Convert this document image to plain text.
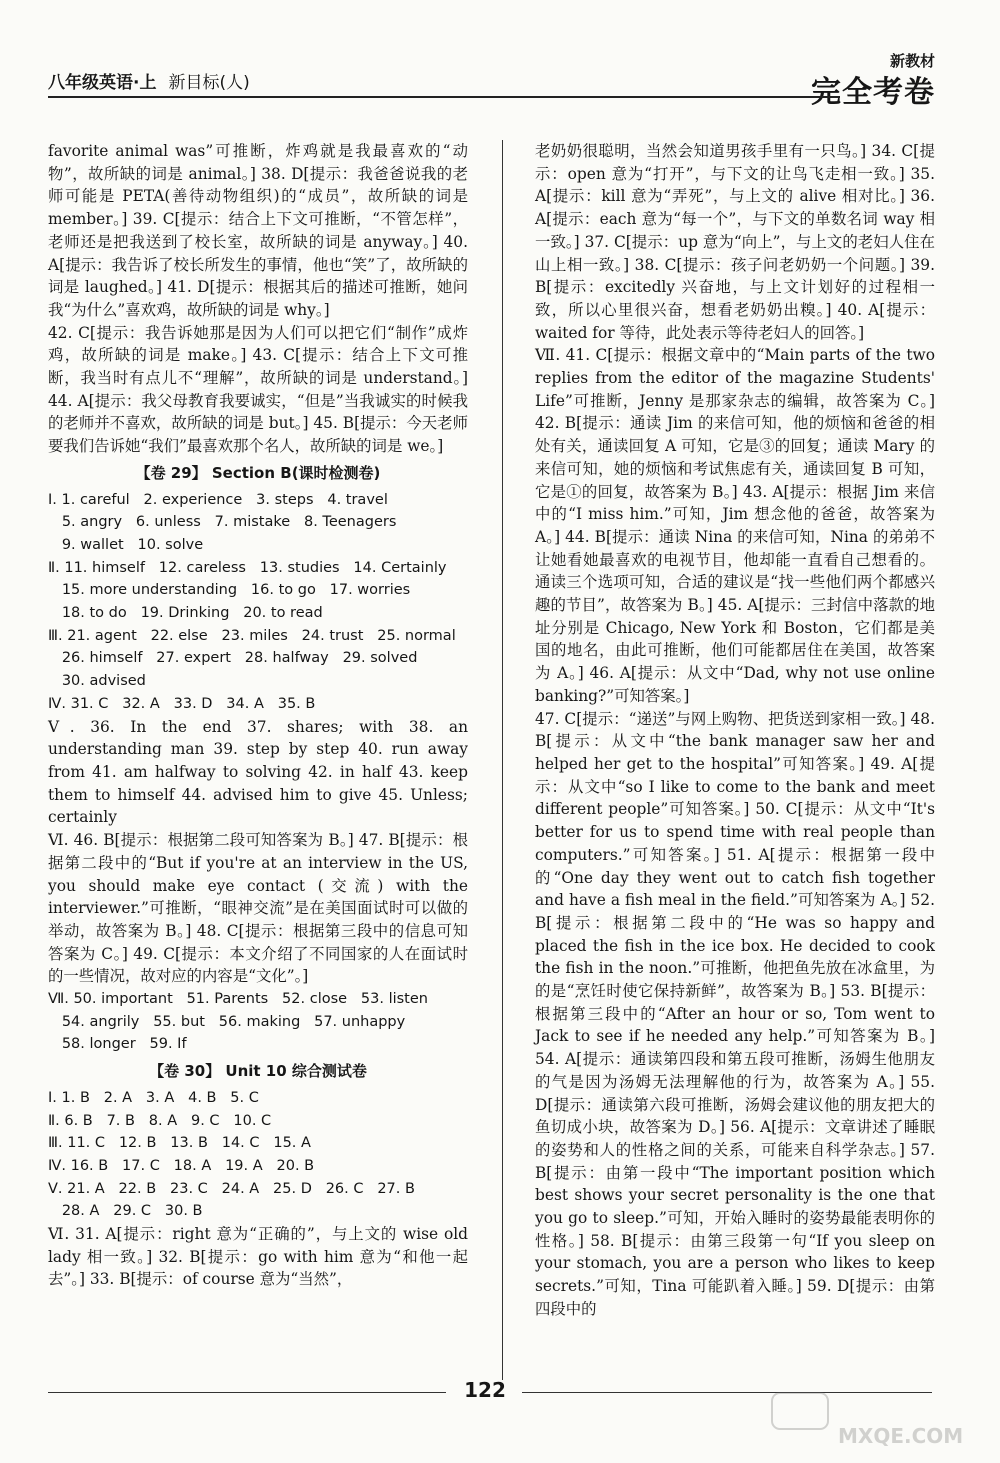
八年级英语·上 新目标(人)
新教材
完全考卷

favorite animal was”可推断，炸鸡就是我最喜欢的“动物”，故所缺的词是 animal。] 38. D[提示：我爸爸说我的老师可能是 PETA(善待动物组织)的“成员”，故所缺的词是 member。] 39. C[提示：结合上下文可推断，“不管怎样”，老师还是把我送到了校长室，故所缺的词是 anyway。] 40. A[提示：我告诉了校长所发生的事情，他也“笑”了，故所缺的词是 laughed。] 41. D[提示：根据其后的描述可推断，她问我“为什么”喜欢鸡，故所缺的词是 why。]

42. C[提示：我告诉她那是因为人们可以把它们“制作”成炸鸡，故所缺的词是 make。] 43. C[提示：结合上下文可推断，我当时有点儿不“理解”，故所缺的词是 understand。] 44. A[提示：我父母教育我要诚实，“但是”当我诚实的时候我的老师并不喜欢，故所缺的词是 but。] 45. B[提示：今天老师要我们告诉她“我们”最喜欢那个名人，故所缺的词是 we。]

【卷 29】 Section B(课时检测卷)

Ⅰ. 1. careful   2. experience   3. steps   4. travel
5. angry   6. unless   7. mistake   8. Teenagers
9. wallet   10. solve

Ⅱ. 11. himself   12. careless   13. studies   14. Certainly
15. more understanding   16. to go   17. worries
18. to do   19. Drinking   20. to read

Ⅲ. 21. agent   22. else   23. miles   24. trust   25. normal
26. himself   27. expert   28. halfway   29. solved
30. advised

Ⅳ. 31. C   32. A   33. D   34. A   35. B

Ⅴ. 36. In the end 37. shares; with 38. an understanding man 39. step by step 40. run away from 41. am halfway to solving 42. in half 43. keep them to himself 44. advised him to give 45. Unless; certainly

Ⅵ. 46. B[提示：根据第二段可知答案为 B。] 47. B[提示：根据第二段中的“But if you're at an interview in the US, you should make eye contact (交流) with the interviewer.”可推断，“眼神交流”是在美国面试时可以做的举动，故答案为 B。] 48. C[提示：根据第三段中的信息可知答案为 C。] 49. C[提示：本文介绍了不同国家的人在面试时的一些情况，故对应的内容是“文化”。]

Ⅶ. 50. important   51. Parents   52. close   53. listen
54. angrily   55. but   56. making   57. unhappy
58. longer   59. If

【卷 30】 Unit 10 综合测试卷

Ⅰ. 1. B   2. A   3. A   4. B   5. C
Ⅱ. 6. B   7. B   8. A   9. C   10. C
Ⅲ. 11. C   12. B   13. B   14. C   15. A
Ⅳ. 16. B   17. C   18. A   19. A   20. B
Ⅴ. 21. A   22. B   23. C   24. A   25. D   26. C   27. B
28. A   29. C   30. B

Ⅵ. 31. A[提示：right 意为“正确的”，与上文的 wise old lady 相一致。] 32. B[提示：go with him 意为“和他一起去”。] 33. B[提示：of course 意为“当然”，

老奶奶很聪明，当然会知道男孩手里有一只鸟。] 34. C[提示：open 意为“打开”，与下文的让鸟飞走相一致。] 35. A[提示：kill 意为“弄死”，与上文的 alive 相对比。] 36. A[提示：each 意为“每一个”，与下文的单数名词 way 相一致。] 37. C[提示：up 意为“向上”，与上文的老妇人住在山上相一致。] 38. C[提示：孩子问老奶奶一个问题。] 39. B[提示：excitedly 兴奋地，与上文计划好的过程相一致，所以心里很兴奋，想看老奶奶出糗。] 40. A[提示：waited for 等待，此处表示等待老妇人的回答。]

Ⅶ. 41. C[提示：根据文章中的“Main parts of the two replies from the editor of the magazine Students' Life”可推断，Jenny 是那家杂志的编辑，故答案为 C。] 42. B[提示：通读 Jim 的来信可知，他的烦恼和爸爸的相处有关，通读回复 A 可知，它是③的回复；通读 Mary 的来信可知，她的烦恼和考试焦虑有关，通读回复 B 可知，它是①的回复，故答案为 B。] 43. A[提示：根据 Jim 来信中的“I miss him.”可知，Jim 想念他的爸爸，故答案为 A。] 44. B[提示：通读 Nina 的来信可知，Nina 的弟弟不让她看她最喜欢的电视节目，他却能一直看自己想看的。通读三个选项可知，合适的建议是“找一些他们两个都感兴趣的节目”，故答案为 B。] 45. A[提示：三封信中落款的地址分别是 Chicago, New York 和 Boston，它们都是美国的地名，由此可推断，他们可能都居住在美国，故答案为 A。] 46. A[提示：从文中“Dad, why not use online banking?”可知答案。]

47. C[提示：“递送”与网上购物、把货送到家相一致。] 48. B[提示：从文中“the bank manager saw her and helped her get to the hospital”可知答案。] 49. A[提示：从文中“so I like to come to the bank and meet different people”可知答案。] 50. C[提示：从文中“It's better for us to spend time with real people than computers.”可知答案。] 51. A[提示：根据第一段中的“One day they went out to catch fish together and have a fish meal in the field.”可知答案为 A。] 52. B[提示：根据第二段中的“He was so happy and placed the fish in the ice box. He decided to cook the fish in the noon.”可推断，他把鱼先放在冰盒里，为的是“烹饪时使它保持新鲜”，故答案为 B。] 53. B[提示：根据第三段中的“After an hour or so, Tom went to Jack to see if he needed any help.”可知答案为 B。] 54. A[提示：通读第四段和第五段可推断，汤姆生他朋友的气是因为汤姆无法理解他的行为，故答案为 A。] 55. D[提示：通读第六段可推断，汤姆会建议他的朋友把大的鱼切成小块，故答案为 D。] 56. A[提示：文章讲述了睡眠的姿势和人的性格之间的关系，可能来自科学杂志。] 57. B[提示：由第一段中“The important position which best shows your secret personality is the one that you go to sleep.”可知，开始入睡时的姿势最能表明你的性格。] 58. B[提示：由第三段第一句“If you sleep on your stomach, you are a person who likes to keep secrets.”可知，Tina 可能趴着入睡。] 59. D[提示：由第四段中的

122
MXQE.COM
